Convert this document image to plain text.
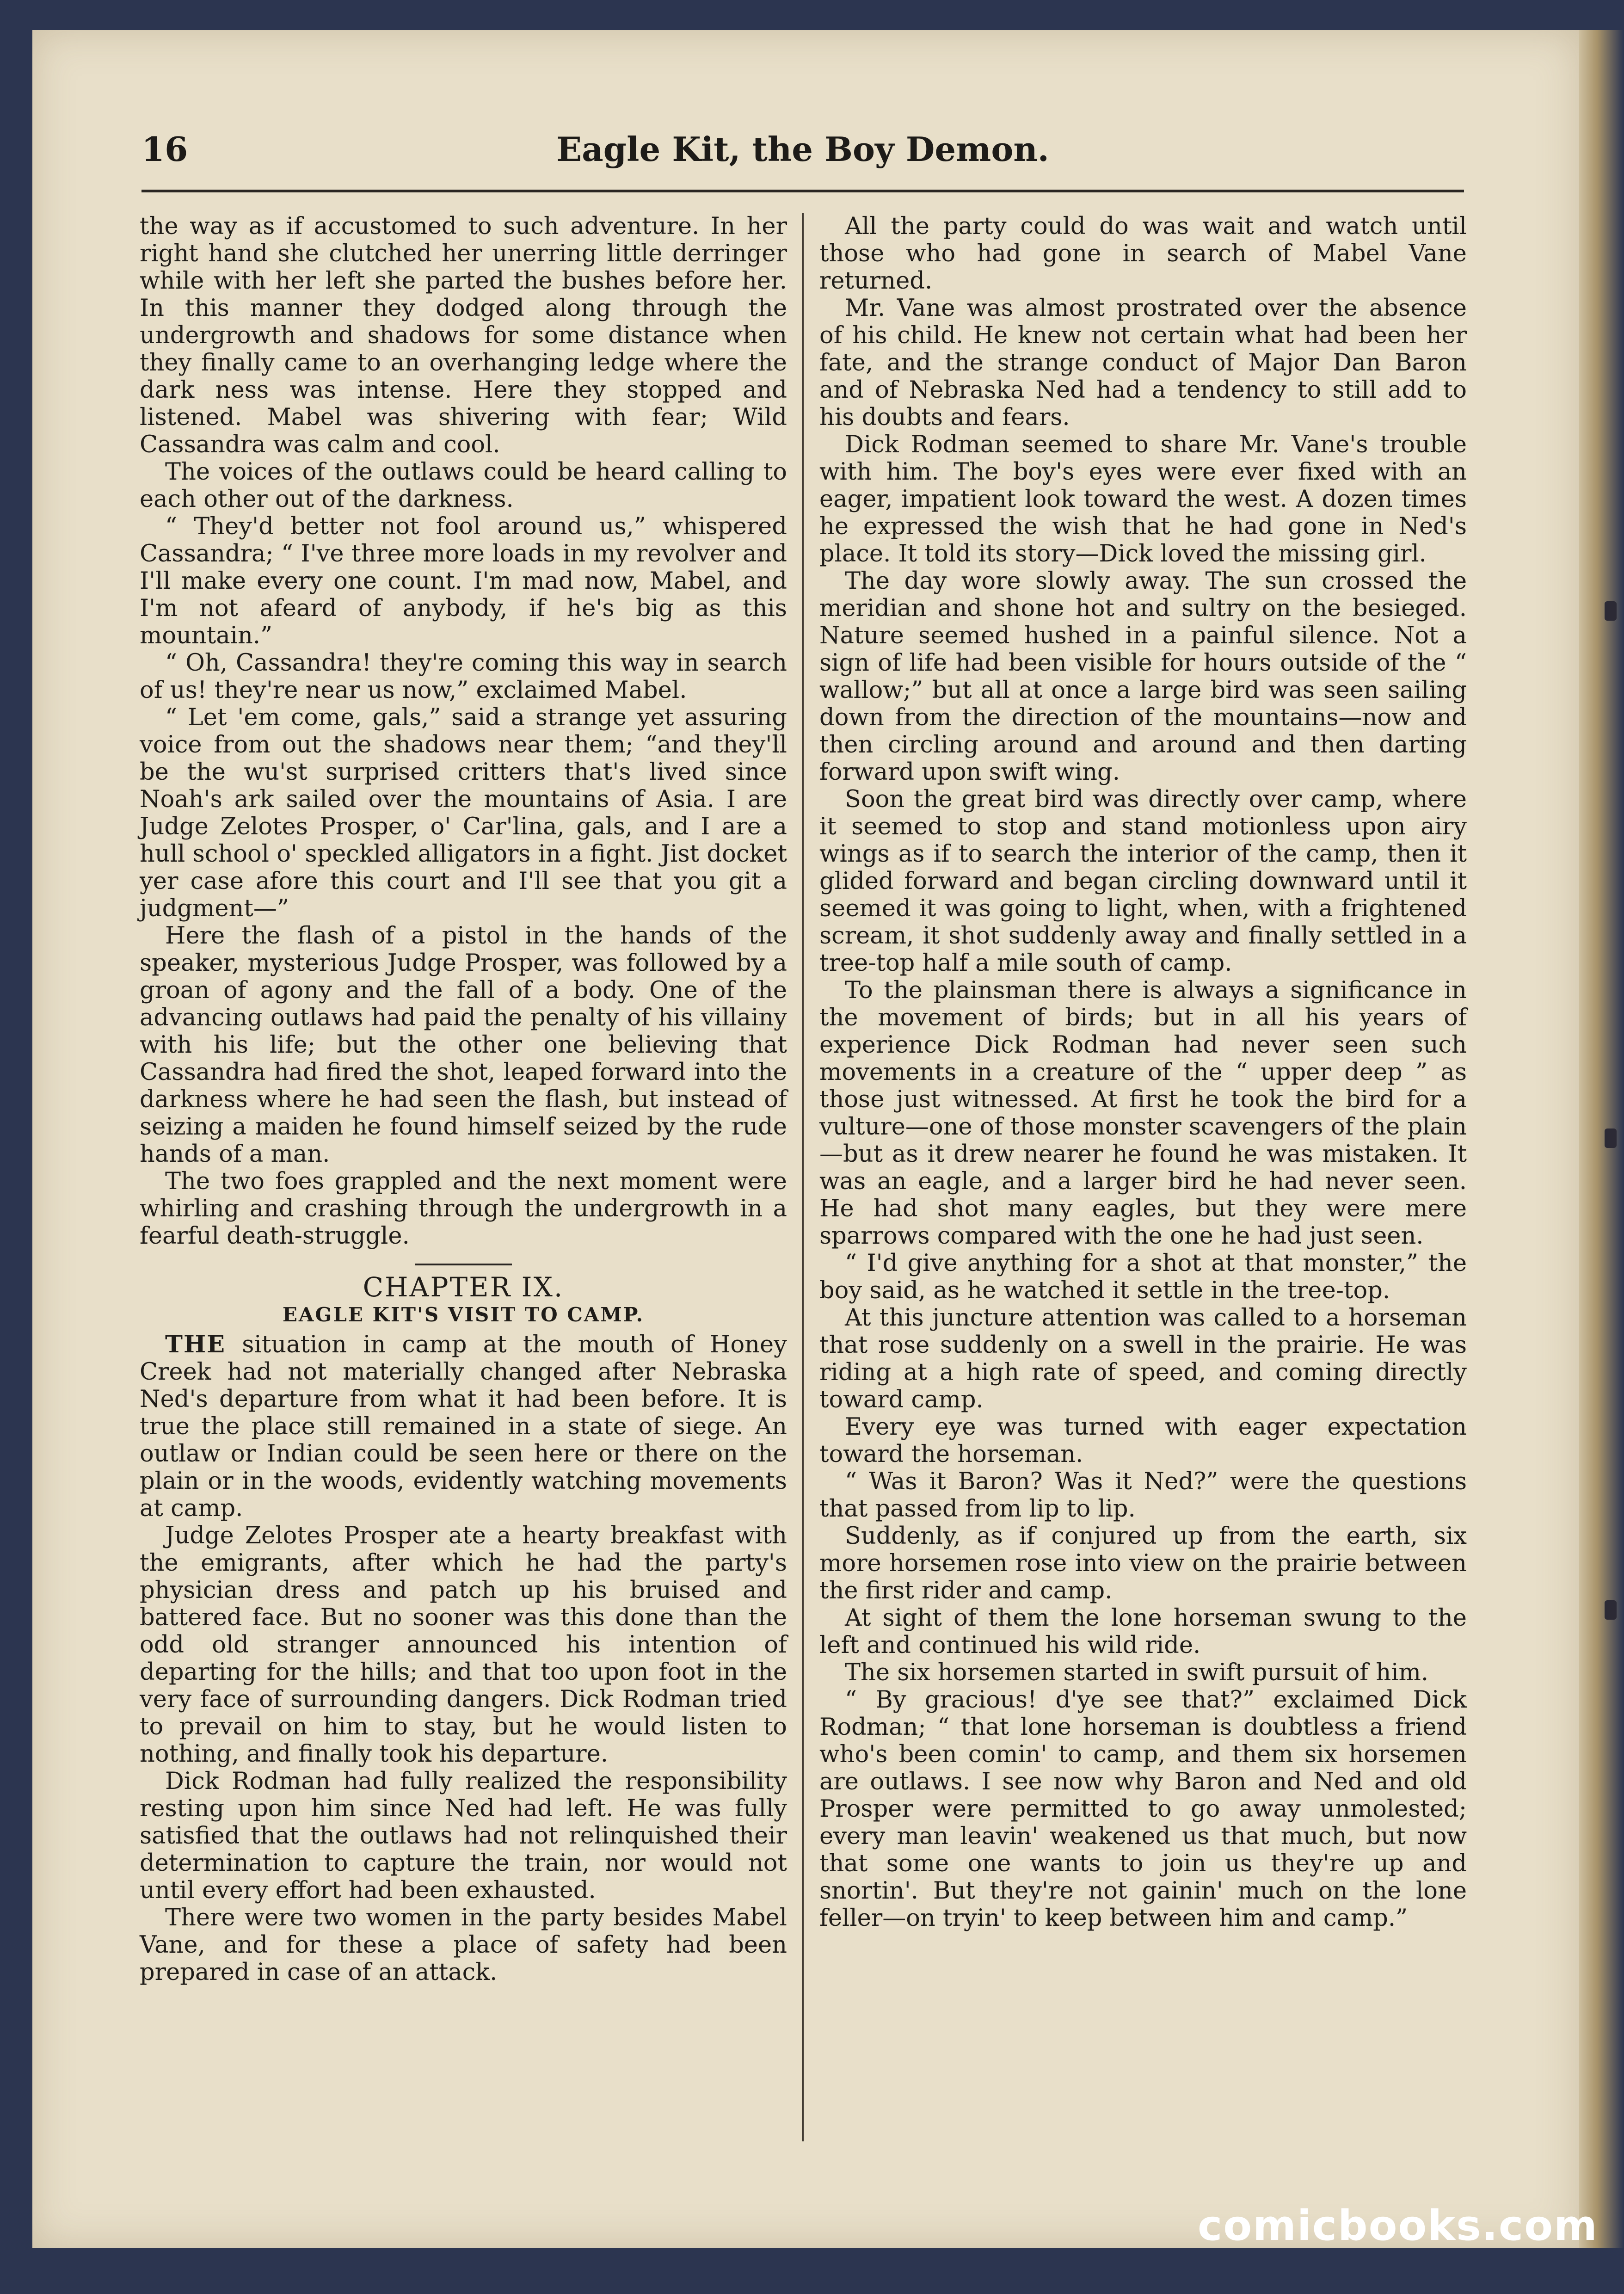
16	Eagle Kit, the Boy Demon.

the way as if accustomed to such adventure. In her right hand she clutched her unerring little derringer while with her left she parted the bushes before her. In this manner they dodged along through the undergrowth and shadows for some distance when they finally came to an overhanging ledge where the dark ness was intense. Here they stopped and listened. Mabel was shivering with fear; Wild Cassandra was calm and cool.

The voices of the outlaws could be heard calling to each other out of the darkness.

“ They'd better not fool around us,” whispered Cassandra; “ I've three more loads in my revolver and I'll make every one count. I'm mad now, Mabel, and I'm not afeard of anybody, if he's big as this mountain.”

“ Oh, Cassandra! they're coming this way in search of us! they're near us now,” exclaimed Mabel.

“ Let 'em come, gals,” said a strange yet assuring voice from out the shadows near them; “and they'll be the wu'st surprised critters that's lived since Noah's ark sailed over the mountains of Asia. I are Judge Zelotes Prosper, o' Car'lina, gals, and I are a hull school o' speckled alligators in a fight. Jist docket yer case afore this court and I'll see that you git a judgment—”

Here the flash of a pistol in the hands of the speaker, mysterious Judge Prosper, was followed by a groan of agony and the fall of a body. One of the advancing outlaws had paid the penalty of his villainy with his life; but the other one believing that Cassandra had fired the shot, leaped forward into the darkness where he had seen the flash, but instead of seizing a maiden he found himself seized by the rude hands of a man.

The two foes grappled and the next moment were whirling and crashing through the undergrowth in a fearful death-struggle.

CHAPTER IX.
EAGLE KIT'S VISIT TO CAMP.

THE situation in camp at the mouth of Honey Creek had not materially changed after Nebraska Ned's departure from what it had been before. It is true the place still remained in a state of siege. An outlaw or Indian could be seen here or there on the plain or in the woods, evidently watching movements at camp.

Judge Zelotes Prosper ate a hearty breakfast with the emigrants, after which he had the party's physician dress and patch up his bruised and battered face. But no sooner was this done than the odd old stranger announced his intention of departing for the hills; and that too upon foot in the very face of surrounding dangers. Dick Rodman tried to prevail on him to stay, but he would listen to nothing, and finally took his departure.

Dick Rodman had fully realized the responsibility resting upon him since Ned had left. He was fully satisfied that the outlaws had not relinquished their determination to capture the train, nor would not until every effort had been exhausted.

There were two women in the party besides Mabel Vane, and for these a place of safety had been prepared in case of an attack.

All the party could do was wait and watch until those who had gone in search of Mabel Vane returned.

Mr. Vane was almost prostrated over the absence of his child. He knew not certain what had been her fate, and the strange conduct of Major Dan Baron and of Nebraska Ned had a tendency to still add to his doubts and fears.

Dick Rodman seemed to share Mr. Vane's trouble with him. The boy's eyes were ever fixed with an eager, impatient look toward the west. A dozen times he expressed the wish that he had gone in Ned's place. It told its story—Dick loved the missing girl.

The day wore slowly away. The sun crossed the meridian and shone hot and sultry on the besieged. Nature seemed hushed in a painful silence. Not a sign of life had been visible for hours outside of the “ wallow;” but all at once a large bird was seen sailing down from the direction of the mountains—now and then circling around and around and then darting forward upon swift wing.

Soon the great bird was directly over camp, where it seemed to stop and stand motionless upon airy wings as if to search the interior of the camp, then it glided forward and began circling downward until it seemed it was going to light, when, with a frightened scream, it shot suddenly away and finally settled in a tree-top half a mile south of camp.

To the plainsman there is always a significance in the movement of birds; but in all his years of experience Dick Rodman had never seen such movements in a creature of the “ upper deep ” as those just witnessed. At first he took the bird for a vulture—one of those monster scavengers of the plain—but as it drew nearer he found he was mistaken. It was an eagle, and a larger bird he had never seen. He had shot many eagles, but they were mere sparrows compared with the one he had just seen.

“ I'd give anything for a shot at that monster,” the boy said, as he watched it settle in the tree-top.

At this juncture attention was called to a horseman that rose suddenly on a swell in the prairie. He was riding at a high rate of speed, and coming directly toward camp.

Every eye was turned with eager expectation toward the horseman.

“ Was it Baron? Was it Ned?” were the questions that passed from lip to lip.

Suddenly, as if conjured up from the earth, six more horsemen rose into view on the prairie between the first rider and camp.

At sight of them the lone horseman swung to the left and continued his wild ride.

The six horsemen started in swift pursuit of him.

“ By gracious! d'ye see that?” exclaimed Dick Rodman; “ that lone horseman is doubtless a friend who's been comin' to camp, and them six horsemen are outlaws. I see now why Baron and Ned and old Prosper were permitted to go away unmolested; every man leavin' weakened us that much, but now that some one wants to join us they're up and snortin'. But they're not gainin' much on the lone feller—on tryin' to keep between him and camp.”

comicbooks.com
